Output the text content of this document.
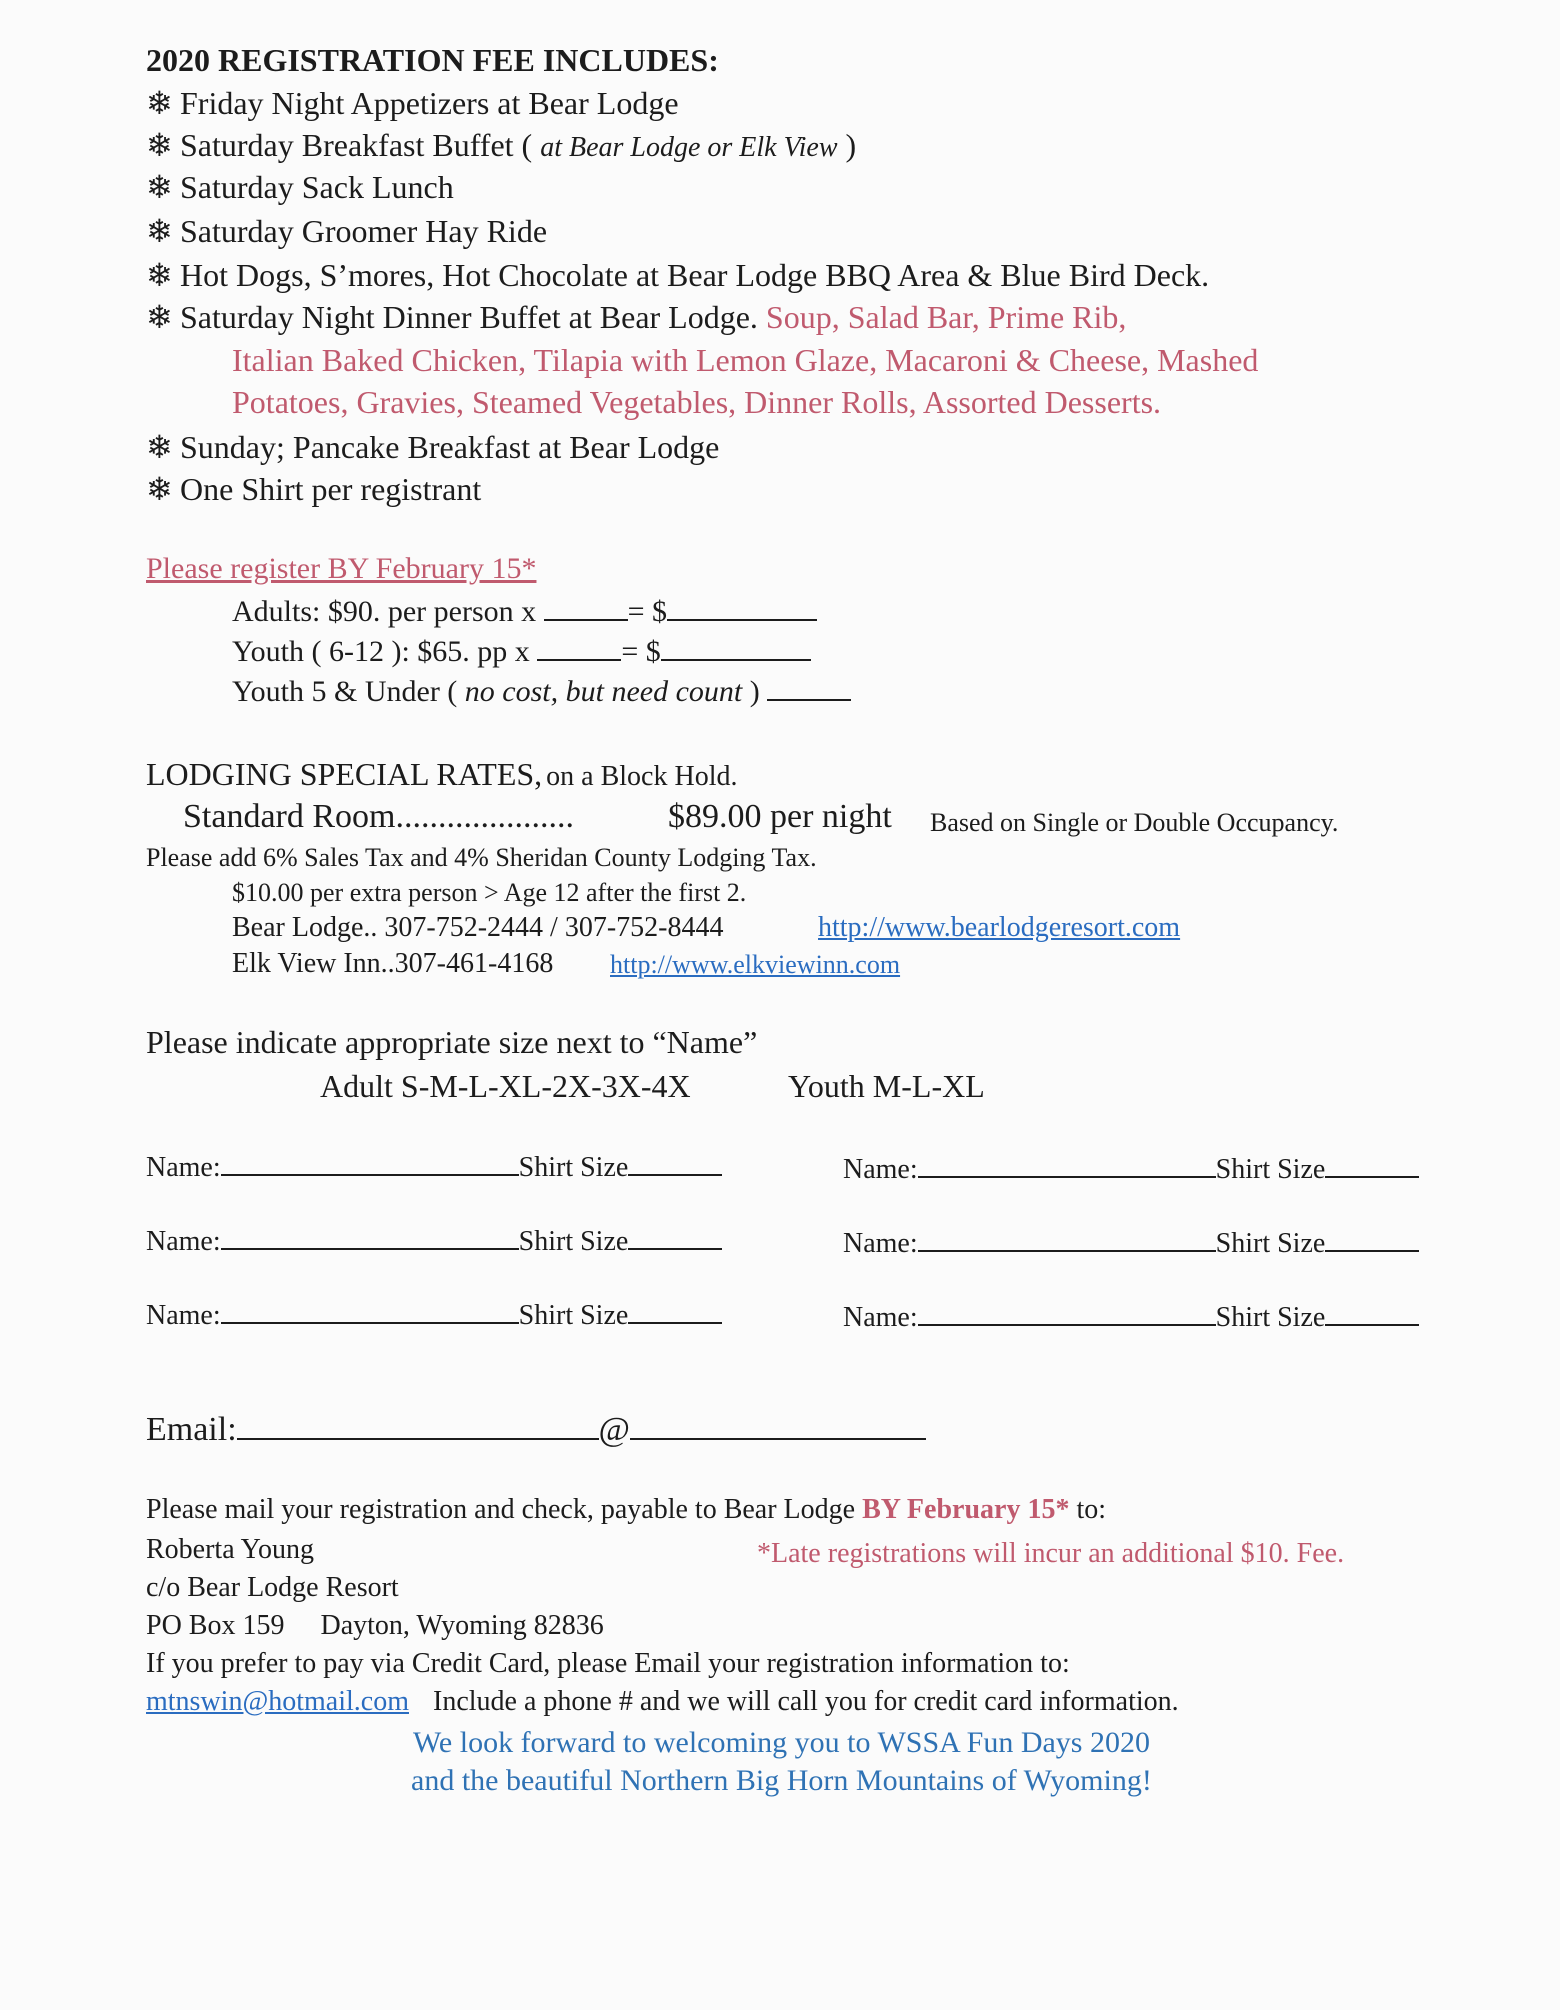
2020 REGISTRATION FEE INCLUDES:
❄ Friday Night Appetizers at Bear Lodge
❄ Saturday Breakfast Buffet ( at Bear Lodge or Elk View )
❄ Saturday Sack Lunch
❄ Saturday Groomer Hay Ride
❄ Hot Dogs, S’mores, Hot Chocolate at Bear Lodge BBQ Area & Blue Bird Deck.
❄ Saturday Night Dinner Buffet at Bear Lodge. Soup, Salad Bar, Prime Rib,
Italian Baked Chicken, Tilapia with Lemon Glaze, Macaroni & Cheese, Mashed
Potatoes, Gravies, Steamed Vegetables, Dinner Rolls, Assorted Desserts.
❄ Sunday; Pancake Breakfast at Bear Lodge
❄ One Shirt per registrant
Please register BY February 15*
Adults: $90. per person x	= $
Youth ( 6-12 ): $65. pp x	= $
Youth 5 & Under ( no cost, but need count )
LODGING SPECIAL RATES, on a Block Hold.
Standard Room.....................	$89.00 per night Based on Single or Double Occupancy.
Please add 6% Sales Tax and 4% Sheridan County Lodging Tax.
$10.00 per extra person > Age 12 after the first 2.
Bear Lodge.. 307-752-2444 / 307-752-8444	http://www.bearlodgeresort.com
Elk View Inn..307-461-4168 http://www.elkviewinn.com
Please indicate appropriate size next to “Name”
Adult S-M-L-XL-2X-3X-4X	Youth M-L-XL
Name:	Shirt Size	Name:	Shirt Size
Name:	Shirt Size	Name:	Shirt Size
Name:	Shirt Size	Name:	Shirt Size
Email:	@
Please mail your registration and check, payable to Bear Lodge BY February 15* to:
Roberta Young	*Late registrations will incur an additional $10. Fee.
c/o Bear Lodge Resort
PO Box 159 Dayton, Wyoming 82836
If you prefer to pay via Credit Card, please Email your registration information to:
mtnswin@hotmail.com Include a phone # and we will call you for credit card information.
We look forward to welcoming you to WSSA Fun Days 2020
and the beautiful Northern Big Horn Mountains of Wyoming!
